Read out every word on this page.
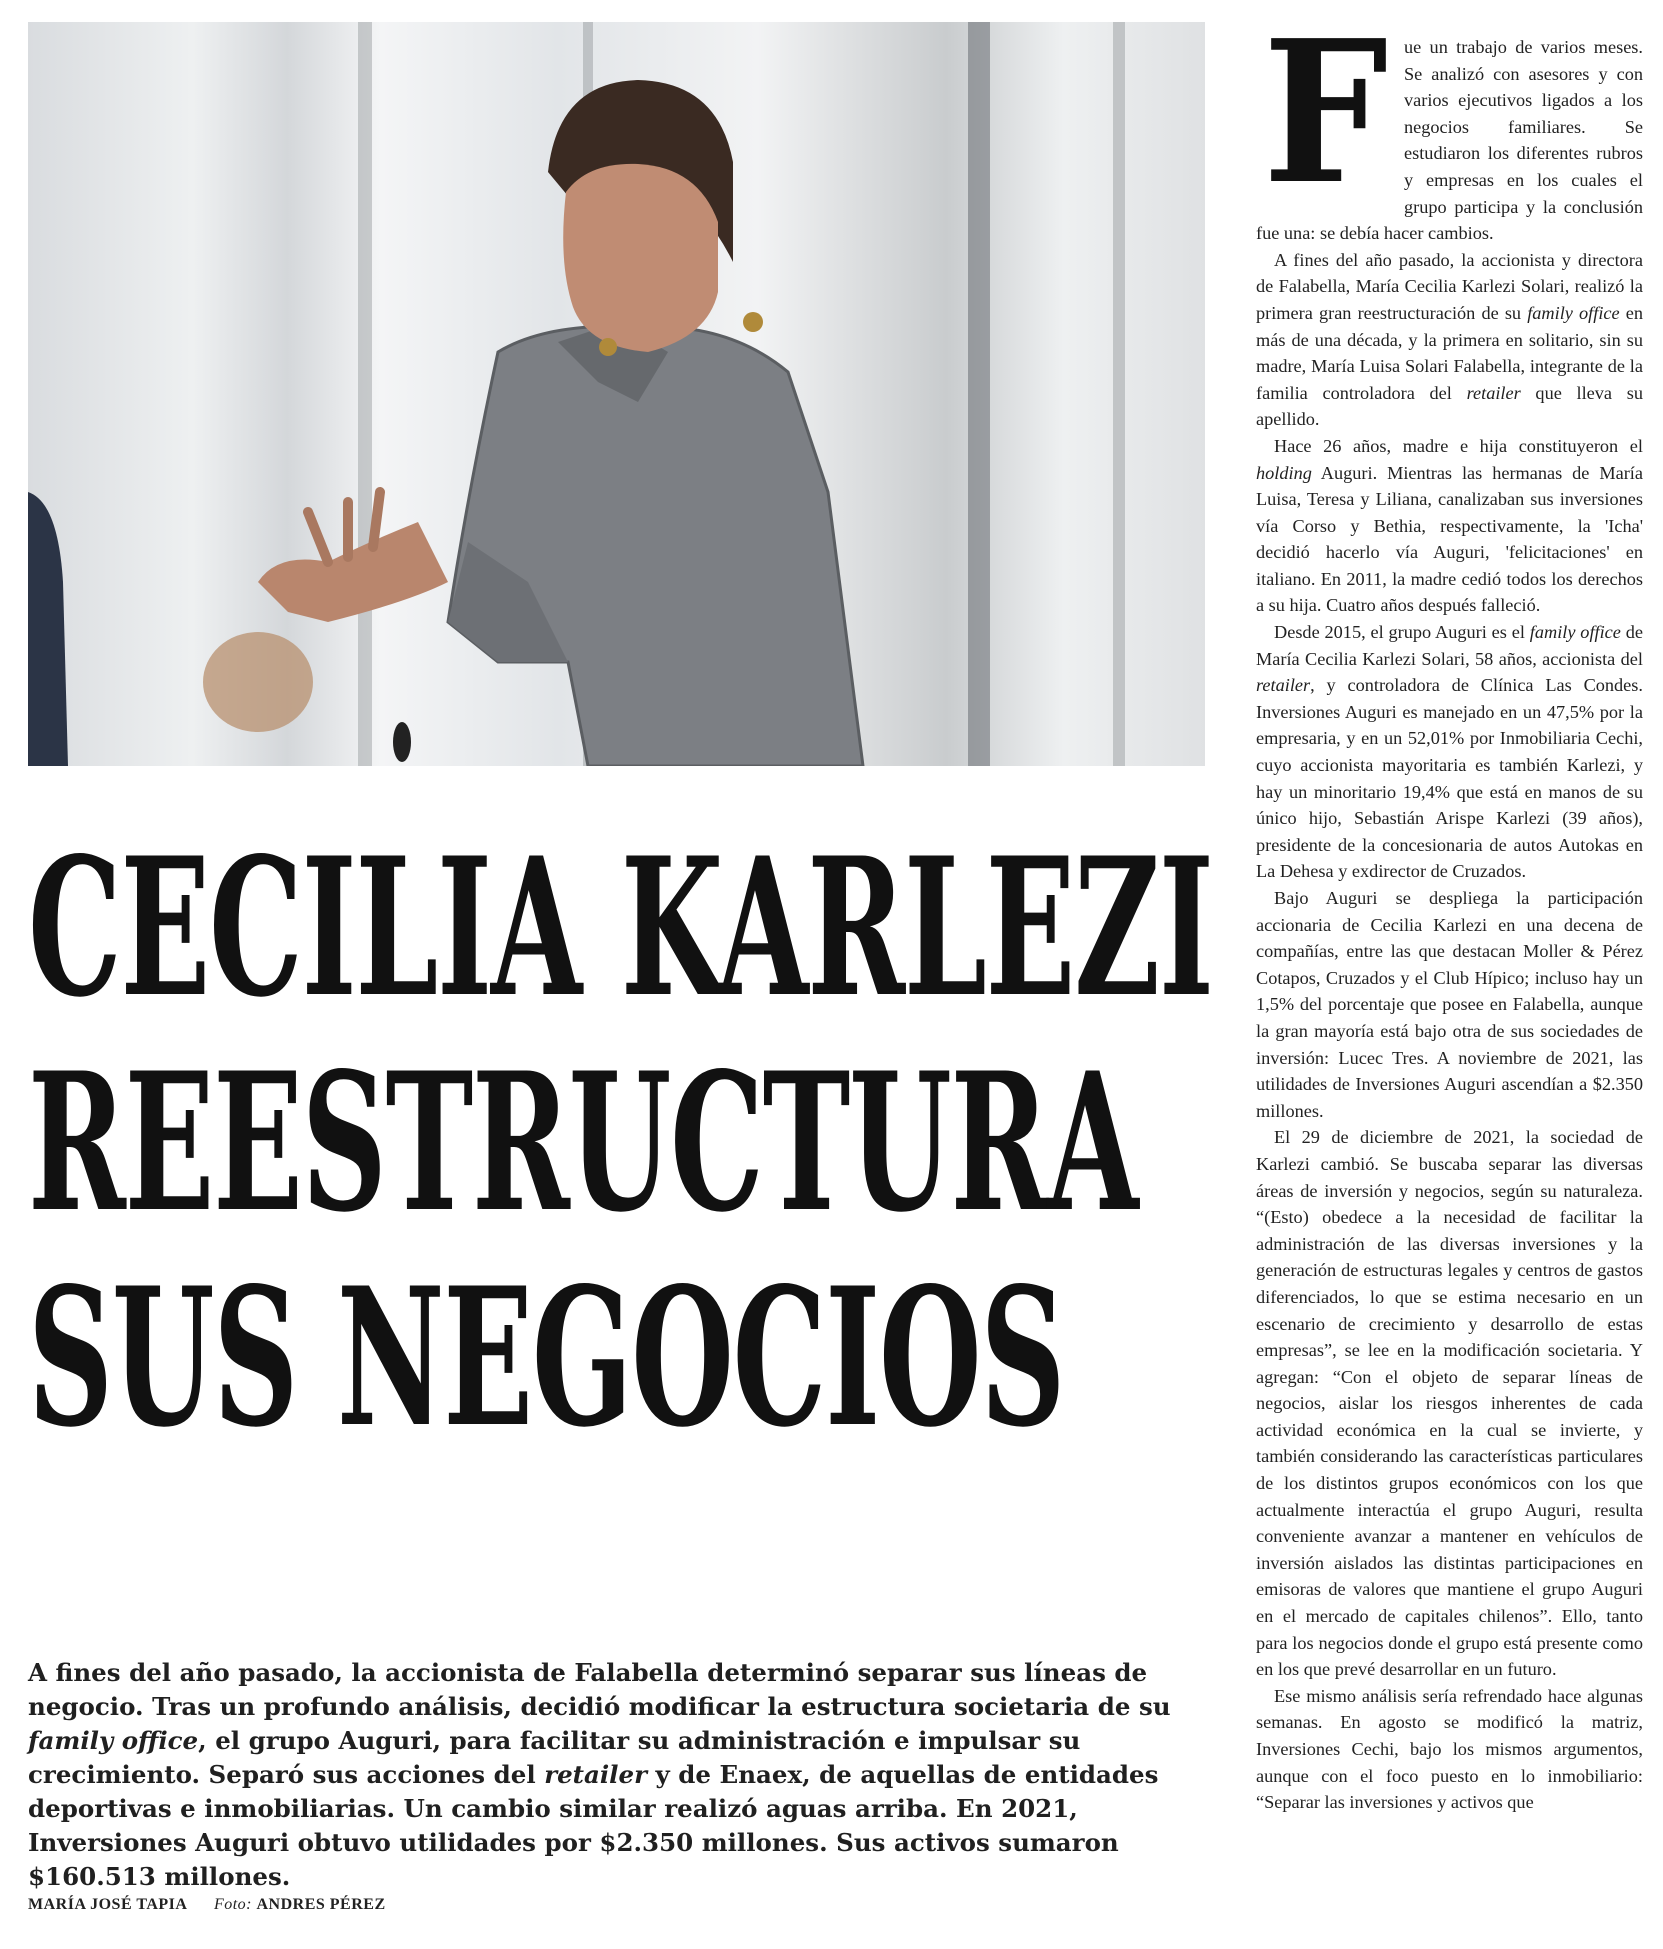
CECILIA KARLEZI
REESTRUCTURA
SUS NEGOCIOS

A fines del año pasado, la accionista de Falabella determinó separar sus líneas de negocio. Tras un profundo análisis, decidió modificar la estructura societaria de su family office, el grupo Auguri, para facilitar su administración e impulsar su crecimiento. Separó sus acciones del retailer y de Enaex, de aquellas de entidades deportivas e inmobiliarias. Un cambio similar realizó aguas arriba. En 2021, Inversiones Auguri obtuvo utilidades por $2.350 millones. Sus activos sumaron $160.513 millones.

MARÍA JOSÉ TAPIA Foto: ANDRES PÉREZ
F ue un trabajo de varios meses. Se analizó con asesores y con varios ejecutivos ligados a los negocios familiares. Se estudiaron los diferentes rubros y empresas en los cuales el grupo participa y la conclusión fue una: se debía hacer cambios.

A fines del año pasado, la accionista y directora de Falabella, María Cecilia Karlezi Solari, realizó la primera gran reestructuración de su family office en más de una década, y la primera en solitario, sin su madre, María Luisa Solari Falabella, integrante de la familia controladora del retailer que lleva su apellido.

Hace 26 años, madre e hija constituyeron el holding Auguri. Mientras las hermanas de María Luisa, Teresa y Liliana, canalizaban sus inversiones vía Corso y Bethia, respectivamente, la 'Icha' decidió hacerlo vía Auguri, 'felicitaciones' en italiano. En 2011, la madre cedió todos los derechos a su hija. Cuatro años después falleció.

Desde 2015, el grupo Auguri es el family office de María Cecilia Karlezi Solari, 58 años, accionista del retailer, y controladora de Clínica Las Condes. Inversiones Auguri es manejado en un 47,5% por la empresaria, y en un 52,01% por Inmobiliaria Cechi, cuyo accionista mayoritaria es también Karlezi, y hay un minoritario 19,4% que está en manos de su único hijo, Sebastián Arispe Karlezi (39 años), presidente de la concesionaria de autos Autokas en La Dehesa y exdirector de Cruzados.

Bajo Auguri se despliega la participación accionaria de Cecilia Karlezi en una decena de compañías, entre las que destacan Moller & Pérez Cotapos, Cruzados y el Club Hípico; incluso hay un 1,5% del porcentaje que posee en Falabella, aunque la gran mayoría está bajo otra de sus sociedades de inversión: Lucec Tres. A noviembre de 2021, las utilidades de Inversiones Auguri ascendían a $2.350 millones.

El 29 de diciembre de 2021, la sociedad de Karlezi cambió. Se buscaba separar las diversas áreas de inversión y negocios, según su naturaleza. “(Esto) obedece a la necesidad de facilitar la administración de las diversas inversiones y la generación de estructuras legales y centros de gastos diferenciados, lo que se estima necesario en un escenario de crecimiento y desarrollo de estas empresas”, se lee en la modificación societaria. Y agregan: “Con el objeto de separar líneas de negocios, aislar los riesgos inherentes de cada actividad económica en la cual se invierte, y también considerando las características particulares de los distintos grupos económicos con los que actualmente interactúa el grupo Auguri, resulta conveniente avanzar a mantener en vehículos de inversión aislados las distintas participaciones en emisoras de valores que mantiene el grupo Auguri en el mercado de capitales chilenos”. Ello, tanto para los negocios donde el grupo está presente como en los que prevé desarrollar en un futuro.

Ese mismo análisis sería refrendado hace algunas semanas. En agosto se modificó la matriz, Inversiones Cechi, bajo los mismos argumentos, aunque con el foco puesto en lo inmobiliario: “Separar las inversiones y activos que
